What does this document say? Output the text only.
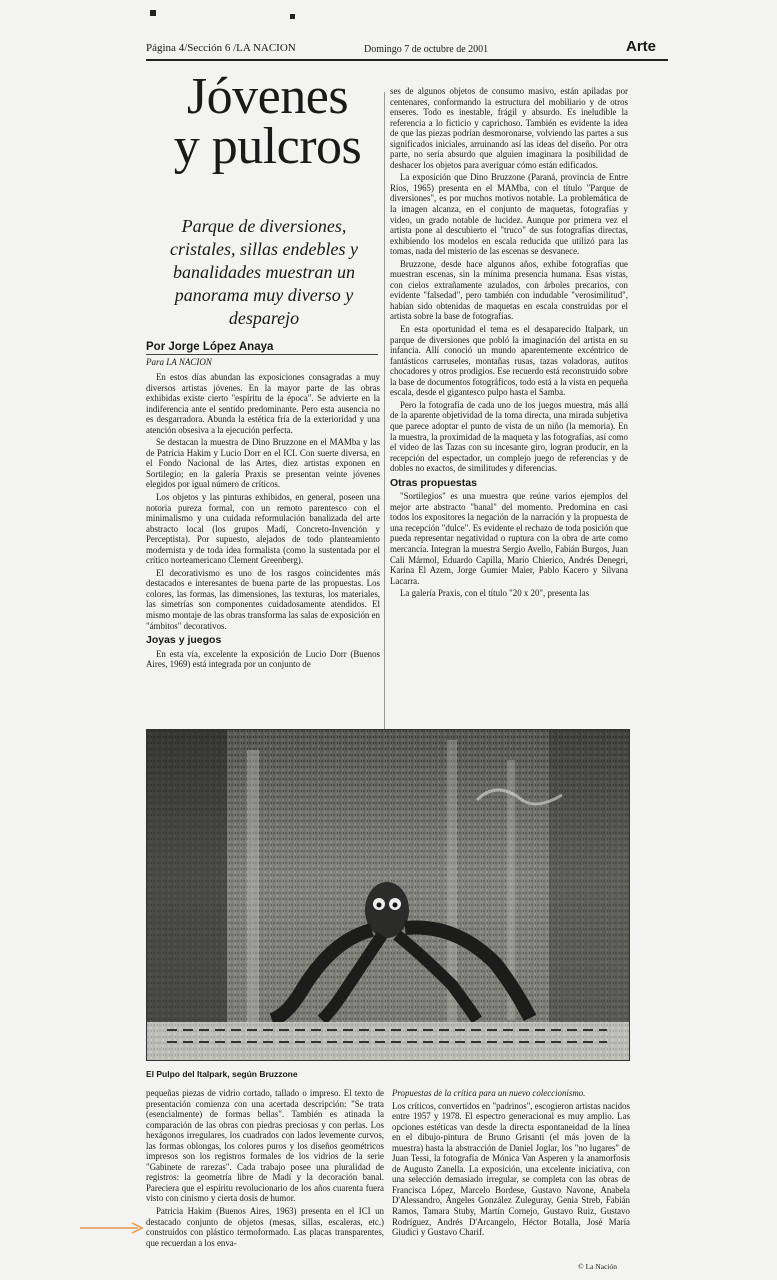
Página 4/Sección 6 /LA NACION	Domingo 7 de octubre de 2001	Arte
Jóvenes
y pulcros
Parque de diversiones, cristales, sillas endebles y banalidades muestran un panorama muy diverso y desparejo
Por Jorge López Anaya
Para LA NACION

En estos días abundan las exposiciones consagradas a muy diversos artistas jóvenes. En la mayor parte de las obras exhibidas existe cierto "espíritu de la época". Se advierte en la indiferencia ante el sentido predominante. Pero esta ausencia no es desgarradora. Abunda la estética fría de la exterioridad y una atención obsesiva a la ejecución perfecta.

Se destacan la muestra de Dino Bruzzone en el MAMba y las de Patricia Hakim y Lucio Dorr en el ICI. Con suerte diversa, en el Fondo Nacional de las Artes, diez artistas exponen en Sortilegio; en la galería Praxis se presentan veinte jóvenes elegidos por igual número de críticos.

Los objetos y las pinturas exhibidos, en general, poseen una notoria pureza formal, con un remoto parentesco con el minimalismo y una cuidada reformulación banalizada del arte abstracto local (los grupos Madí, Concreto-Invención y Perceptista). Por supuesto, alejados de todo planteamiento modernista y de toda idea formalista (como la sustentada por el crítico norteamericano Clement Greenberg).

El decorativismo es uno de los rasgos coincidentes más destacados e interesantes de buena parte de las propuestas. Los colores, las formas, las dimensiones, las texturas, los materiales, las simetrías son componentes cuidadosamente atendidos. El mismo montaje de las obras transforma las salas de exposición en "ámbitos" decorativos.

Joyas y juegos

En esta vía, excelente la exposición de Lucio Dorr (Buenos Aires, 1969) está integrada por un conjunto de

ses de algunos objetos de consumo masivo, están apiladas por centenares, conformando la estructura del mobiliario y de otros enseres. Todo es inestable, frágil y absurdo. Es ineludible la referencia a lo ficticio y caprichoso. También es evidente la idea de que las piezas podrían desmoronarse, volviendo las partes a sus significados iniciales, arruinando así las ideas del diseño. Por otra parte, no sería absurdo que alguien imaginara la posibilidad de deshacer los objetos para averiguar cómo están edificados.

La exposición que Dino Bruzzone (Paraná, provincia de Entre Ríos, 1965) presenta en el MAMba, con el título "Parque de diversiones", es por muchos motivos notable. La problemática de la imagen alcanza, en el conjunto de maquetas, fotografías y video, un grado notable de lucidez. Aunque por primera vez el artista pone al descubierto el "truco" de sus fotografías directas, exhibiendo los modelos en escala reducida que utilizó para las tomas, nada del misterio de las escenas se desvanece.

Bruzzone, desde hace algunos años, exhibe fotografías que muestran escenas, sin la mínima presencia humana. Esas vistas, con cielos extrañamente azulados, con árboles precarios, con evidente "falsedad", pero también con indudable "verosimilitud", habían sido obtenidas de maquetas en escala construidas por el artista sobre la base de fotografías.

En esta oportunidad el tema es el desaparecido Italpark, un parque de diversiones que pobló la imaginación del artista en su infancia. Allí conoció un mundo aparentemente excéntrico de fantásticos carruseles, montañas rusas, tazas voladoras, autitos chocadores y otros prodigios. Ese recuerdo está reconstruido sobre la base de documentos fotográficos, todo está a la vista en pequeña escala, desde el gigantesco pulpo hasta el Samba.

Pero la fotografía de cada uno de los juegos muestra, más allá de la aparente objetividad de la toma directa, una mirada subjetiva que parece adoptar el punto de vista de un niño (la memoria). En la muestra, la proximidad de la maqueta y las fotografías, así como el video de las Tazas con su incesante giro, logran producir, en la recepción del espectador, un complejo juego de referencias y de dobles no exactos, de similitudes y diferencias.

Otras propuestas

"Sortilegios" es una muestra que reúne varios ejemplos del mejor arte abstracto "banal" del momento. Predomina en casi todos los expositores la negación de la narración y la propuesta de una recepción "dulce". Es evidente el rechazo de toda posición que pueda representar negatividad o ruptura con la obra de arte como mercancía. Integran la muestra Sergio Avello, Fabián Burgos, Juan Cali Mármol, Eduardo Capilla, Mario Chierico, Andrés Denegri, Karina El Azem, Jorge Gumier Maier, Pablo Kacero y Silvana Lacarra.

La galería Praxis, con el título "20 x 20", presenta las

El Pulpo del Italpark, según Bruzzone

pequeñas piezas de vidrio cortado, tallado o impreso. El texto de presentación comienza con una acertada descripción: "Se trata (esencialmente) de formas bellas". También es atinada la comparación de las obras con piedras preciosas y con perlas. Los hexágonos irregulares, los cuadrados con lados levemente curvos, las formas oblongas, los colores puros y los diseños geométricos impresos son los registros formales de los vidrios de la serie "Gabinete de rarezas". Cada trabajo posee una pluralidad de registros: la geometría libre de Madí y la decoración banal. Pareciera que el espíritu revolucionario de los años cuarenta fuera visto con cinismo y cierta dosis de humor.

Patricia Hakim (Buenos Aires, 1963) presenta en el ICI un destacado conjunto de objetos (mesas, sillas, escaleras, etc.) construidos con plástico termoformado. Las placas transparentes, que recuerdan a los enva-

Propuestas de la crítica para un nuevo coleccionismo.

Los críticos, convertidos en "padrinos", escogieron artistas nacidos entre 1957 y 1978. El espectro generacional es muy amplio. Las opciones estéticas van desde la directa espontaneidad de la línea en el dibujo-pintura de Bruno Grisanti (el más joven de la muestra) hasta la abstracción de Daniel Joglar, los "no lugares" de Juan Tessi, la fotografía de Mónica Van Asperen y la anamorfosis de Augusto Zanella. La exposición, una excelente iniciativa, con una selección demasiado irregular, se completa con las obras de Francisca López, Marcelo Bordese, Gustavo Navone, Anabela D'Alessandro, Ángeles González Zuleguray, Genia Streb, Fabián Ramos, Tamara Stuby, Martín Cornejo, Gustavo Ruiz, Gustavo Rodríguez, Andrés D'Arcangelo, Héctor Botalla, José María Giudici y Gustavo Charif.

© La Nación
